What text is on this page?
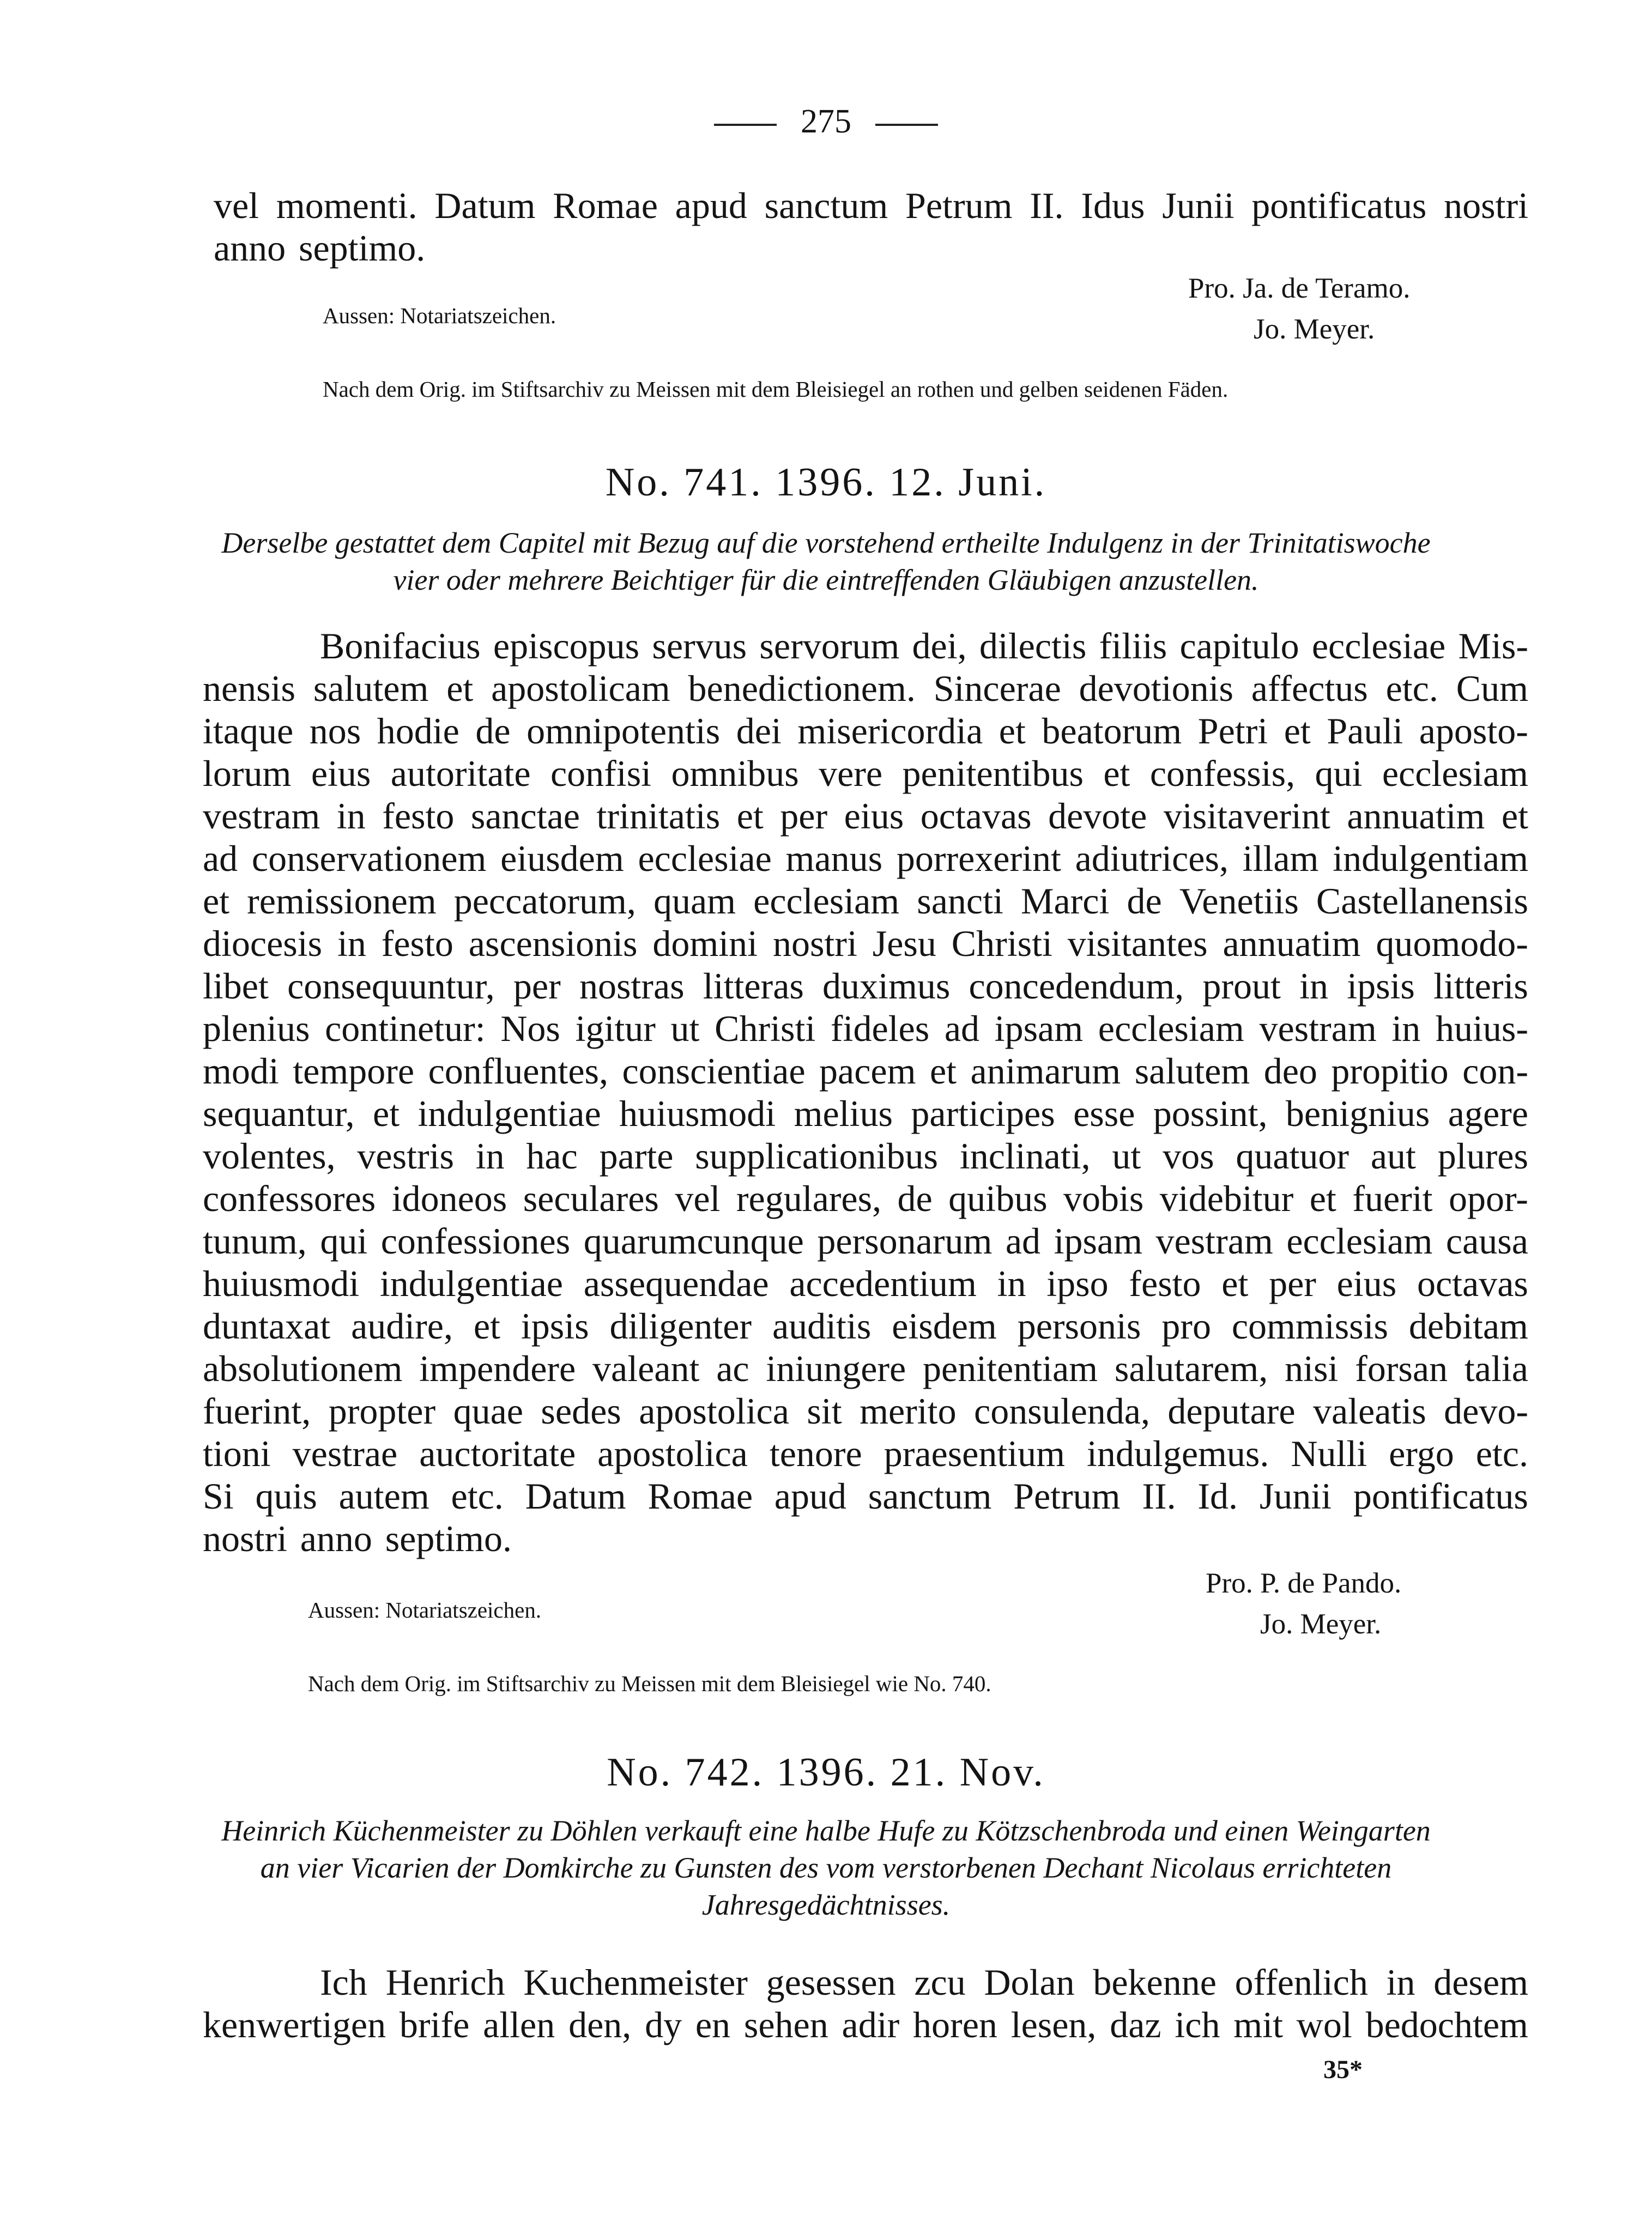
275
vel momenti. Datum Romae apud sanctum Petrum II. Idus Junii pontificatus nostri
anno septimo.
Pro. Ja. de Teramo.
Jo. Meyer.
Aussen: Notariatszeichen.
Nach dem Orig. im Stiftsarchiv zu Meissen mit dem Bleisiegel an rothen und gelben seidenen Fäden.
No. 741. 1396. 12. Juni.
Derselbe gestattet dem Capitel mit Bezug auf die vorstehend ertheilte Indulgenz in der Trinitatiswoche
vier oder mehrere Beichtiger für die eintreffenden Gläubigen anzustellen.
Bonifacius episcopus servus servorum dei, dilectis filiis capitulo ecclesiae Mis-
nensis salutem et apostolicam benedictionem. Sincerae devotionis affectus etc. Cum
itaque nos hodie de omnipotentis dei misericordia et beatorum Petri et Pauli aposto-
lorum eius autoritate confisi omnibus vere penitentibus et confessis, qui ecclesiam
vestram in festo sanctae trinitatis et per eius octavas devote visitaverint annuatim et
ad conservationem eiusdem ecclesiae manus porrexerint adiutrices, illam indulgentiam
et remissionem peccatorum, quam ecclesiam sancti Marci de Venetiis Castellanensis
diocesis in festo ascensionis domini nostri Jesu Christi visitantes annuatim quomodo-
libet consequuntur, per nostras litteras duximus concedendum, prout in ipsis litteris
plenius continetur: Nos igitur ut Christi fideles ad ipsam ecclesiam vestram in huius-
modi tempore confluentes, conscientiae pacem et animarum salutem deo propitio con-
sequantur, et indulgentiae huiusmodi melius participes esse possint, benignius agere
volentes, vestris in hac parte supplicationibus inclinati, ut vos quatuor aut plures
confessores idoneos seculares vel regulares, de quibus vobis videbitur et fuerit opor-
tunum, qui confessiones quarumcunque personarum ad ipsam vestram ecclesiam causa
huiusmodi indulgentiae assequendae accedentium in ipso festo et per eius octavas
duntaxat audire, et ipsis diligenter auditis eisdem personis pro commissis debitam
absolutionem impendere valeant ac iniungere penitentiam salutarem, nisi forsan talia
fuerint, propter quae sedes apostolica sit merito consulenda, deputare valeatis devo-
tioni vestrae auctoritate apostolica tenore praesentium indulgemus. Nulli ergo etc.
Si quis autem etc. Datum Romae apud sanctum Petrum II. Id. Junii pontificatus
nostri anno septimo.
Pro. P. de Pando.
Jo. Meyer.
Aussen: Notariatszeichen.
Nach dem Orig. im Stiftsarchiv zu Meissen mit dem Bleisiegel wie No. 740.
No. 742. 1396. 21. Nov.
Heinrich Küchenmeister zu Döhlen verkauft eine halbe Hufe zu Kötzschenbroda und einen Weingarten
an vier Vicarien der Domkirche zu Gunsten des vom verstorbenen Dechant Nicolaus errichteten
Jahresgedächtnisses.
Ich Henrich Kuchenmeister gesessen zcu Dolan bekenne offenlich in desem
kenwertigen brife allen den, dy en sehen adir horen lesen, daz ich mit wol bedochtem
35*
